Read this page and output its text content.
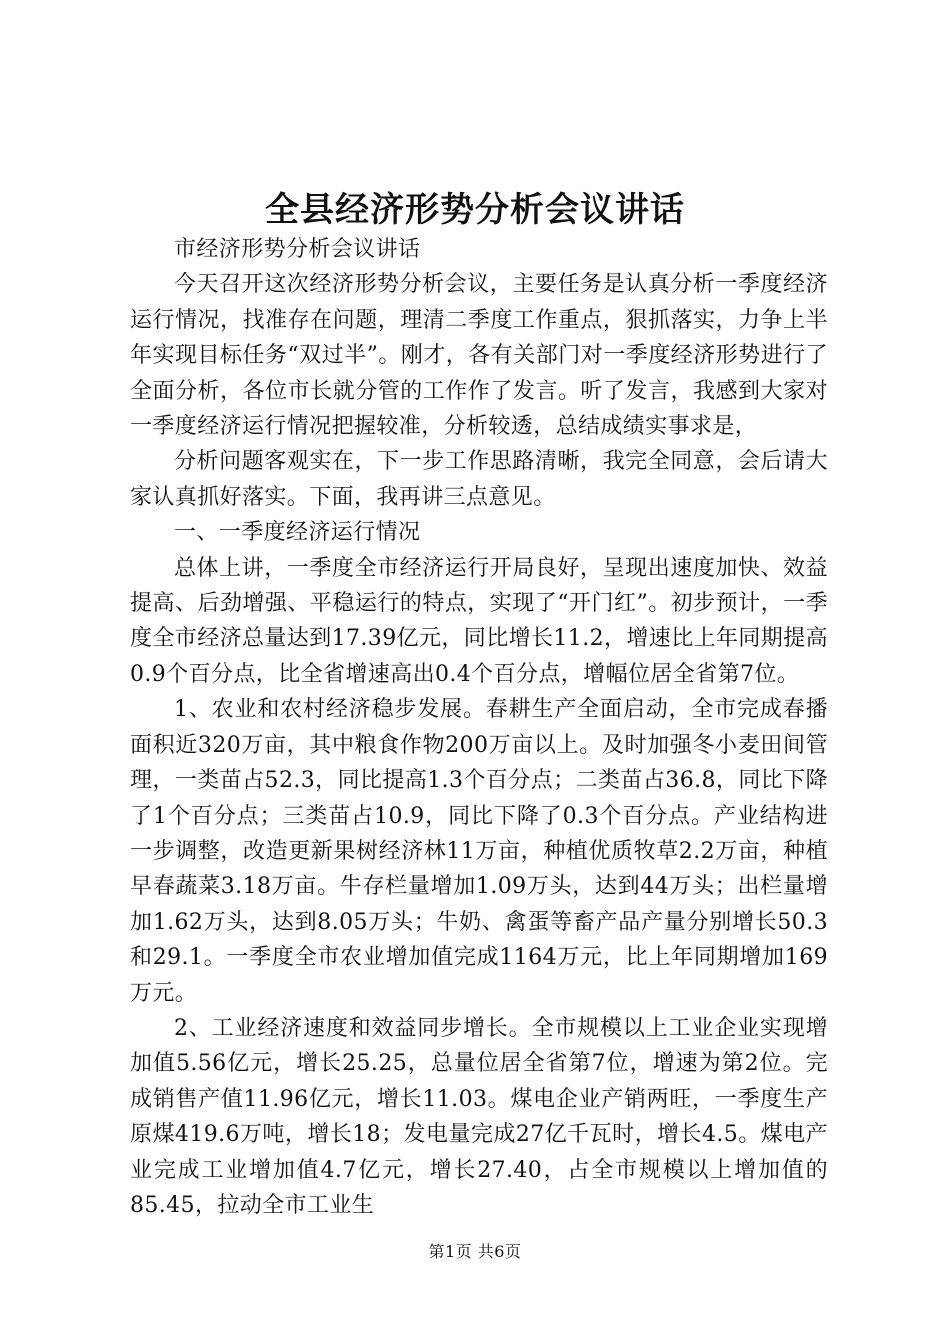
全县经济形势分析会议讲话

市经济形势分析会议讲话

今天召开这次经济形势分析会议，主要任务是认真分析一季度经济运行情况，找准存在问题，理清二季度工作重点，狠抓落实，力争上半年实现目标任务“双过半”。刚才，各有关部门对一季度经济形势进行了全面分析，各位市长就分管的工作作了发言。听了发言，我感到大家对一季度经济运行情况把握较准，分析较透，总结成绩实事求是，

分析问题客观实在，下一步工作思路清晰，我完全同意，会后请大家认真抓好落实。下面，我再讲三点意见。

一、一季度经济运行情况

总体上讲，一季度全市经济运行开局良好，呈现出速度加快、效益提高、后劲增强、平稳运行的特点，实现了“开门红”。初步预计，一季度全市经济总量达到17.39亿元，同比增长11.2，增速比上年同期提高0.9个百分点，比全省增速高出0.4个百分点，增幅位居全省第7位。

1、农业和农村经济稳步发展。春耕生产全面启动，全市完成春播面积近320万亩，其中粮食作物200万亩以上。及时加强冬小麦田间管理，一类苗占52.3，同比提高1.3个百分点；二类苗占36.8，同比下降了1个百分点；三类苗占10.9，同比下降了0.3个百分点。产业结构进一步调整，改造更新果树经济林11万亩，种植优质牧草2.2万亩，种植早春蔬菜3.18万亩。牛存栏量增加1.09万头，达到44万头；出栏量增加1.62万头，达到8.05万头；牛奶、禽蛋等畜产品产量分别增长50.3和29.1。一季度全市农业增加值完成1164万元，比上年同期增加169万元。

2、工业经济速度和效益同步增长。全市规模以上工业企业实现增加值5.56亿元，增长25.25，总量位居全省第7位，增速为第2位。完成销售产值11.96亿元，增长11.03。煤电企业产销两旺，一季度生产原煤419.6万吨，增长18；发电量完成27亿千瓦时，增长4.5。煤电产业完成工业增加值4.7亿元，增长27.40，占全市规模以上增加值的85.45，拉动全市工业生

第1页 共6页
